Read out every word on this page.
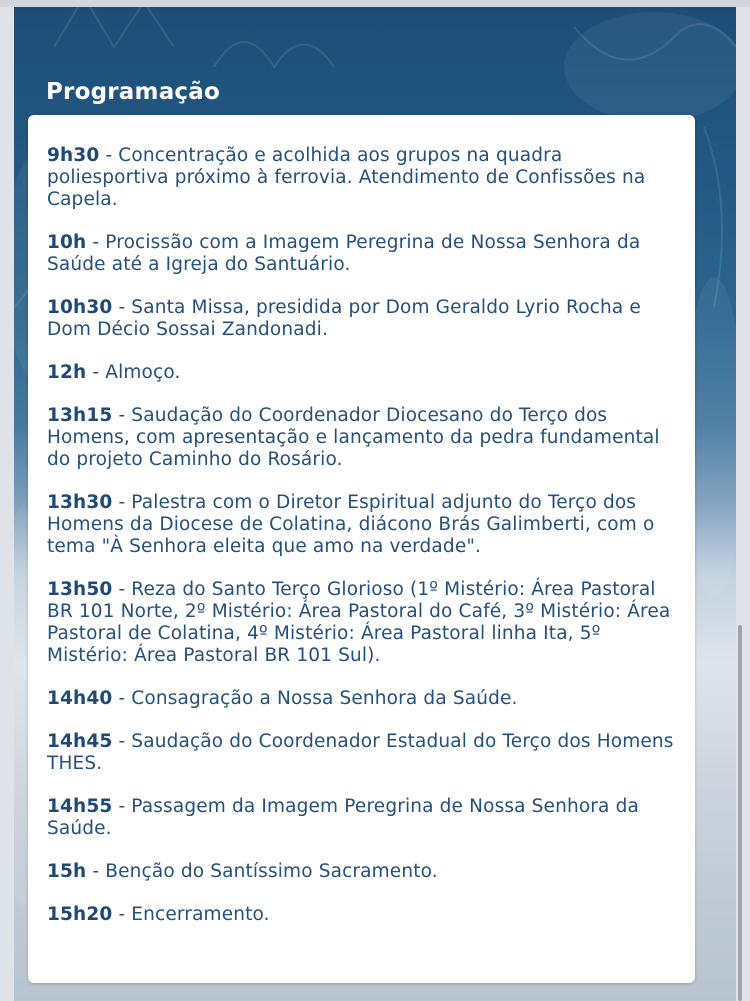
Programação
9h30 - Concentração e acolhida aos grupos na quadra poliesportiva próximo à ferrovia. Atendimento de Confissões na Capela.
10h - Procissão com a Imagem Peregrina de Nossa Senhora da Saúde até a Igreja do Santuário.
10h30 - Santa Missa, presidida por Dom Geraldo Lyrio Rocha e Dom Décio Sossai Zandonadi.
12h - Almoço.
13h15 - Saudação do Coordenador Diocesano do Terço dos Homens, com apresentação e lançamento da pedra fundamental do projeto Caminho do Rosário.
13h30 - Palestra com o Diretor Espiritual adjunto do Terço dos Homens da Diocese de Colatina, diácono Brás Galimberti, com o tema "À Senhora eleita que amo na verdade".
13h50 - Reza do Santo Terço Glorioso (1º Mistério: Área Pastoral BR 101 Norte, 2º Mistério: Área Pastoral do Café, 3º Mistério: Área Pastoral de Colatina, 4º Mistério: Área Pastoral linha Ita, 5º Mistério: Área Pastoral BR 101 Sul).
14h40 - Consagração a Nossa Senhora da Saúde.
14h45 - Saudação do Coordenador Estadual do Terço dos Homens THES.
14h55 - Passagem da Imagem Peregrina de Nossa Senhora da Saúde.
15h - Benção do Santíssimo Sacramento.
15h20 - Encerramento.
